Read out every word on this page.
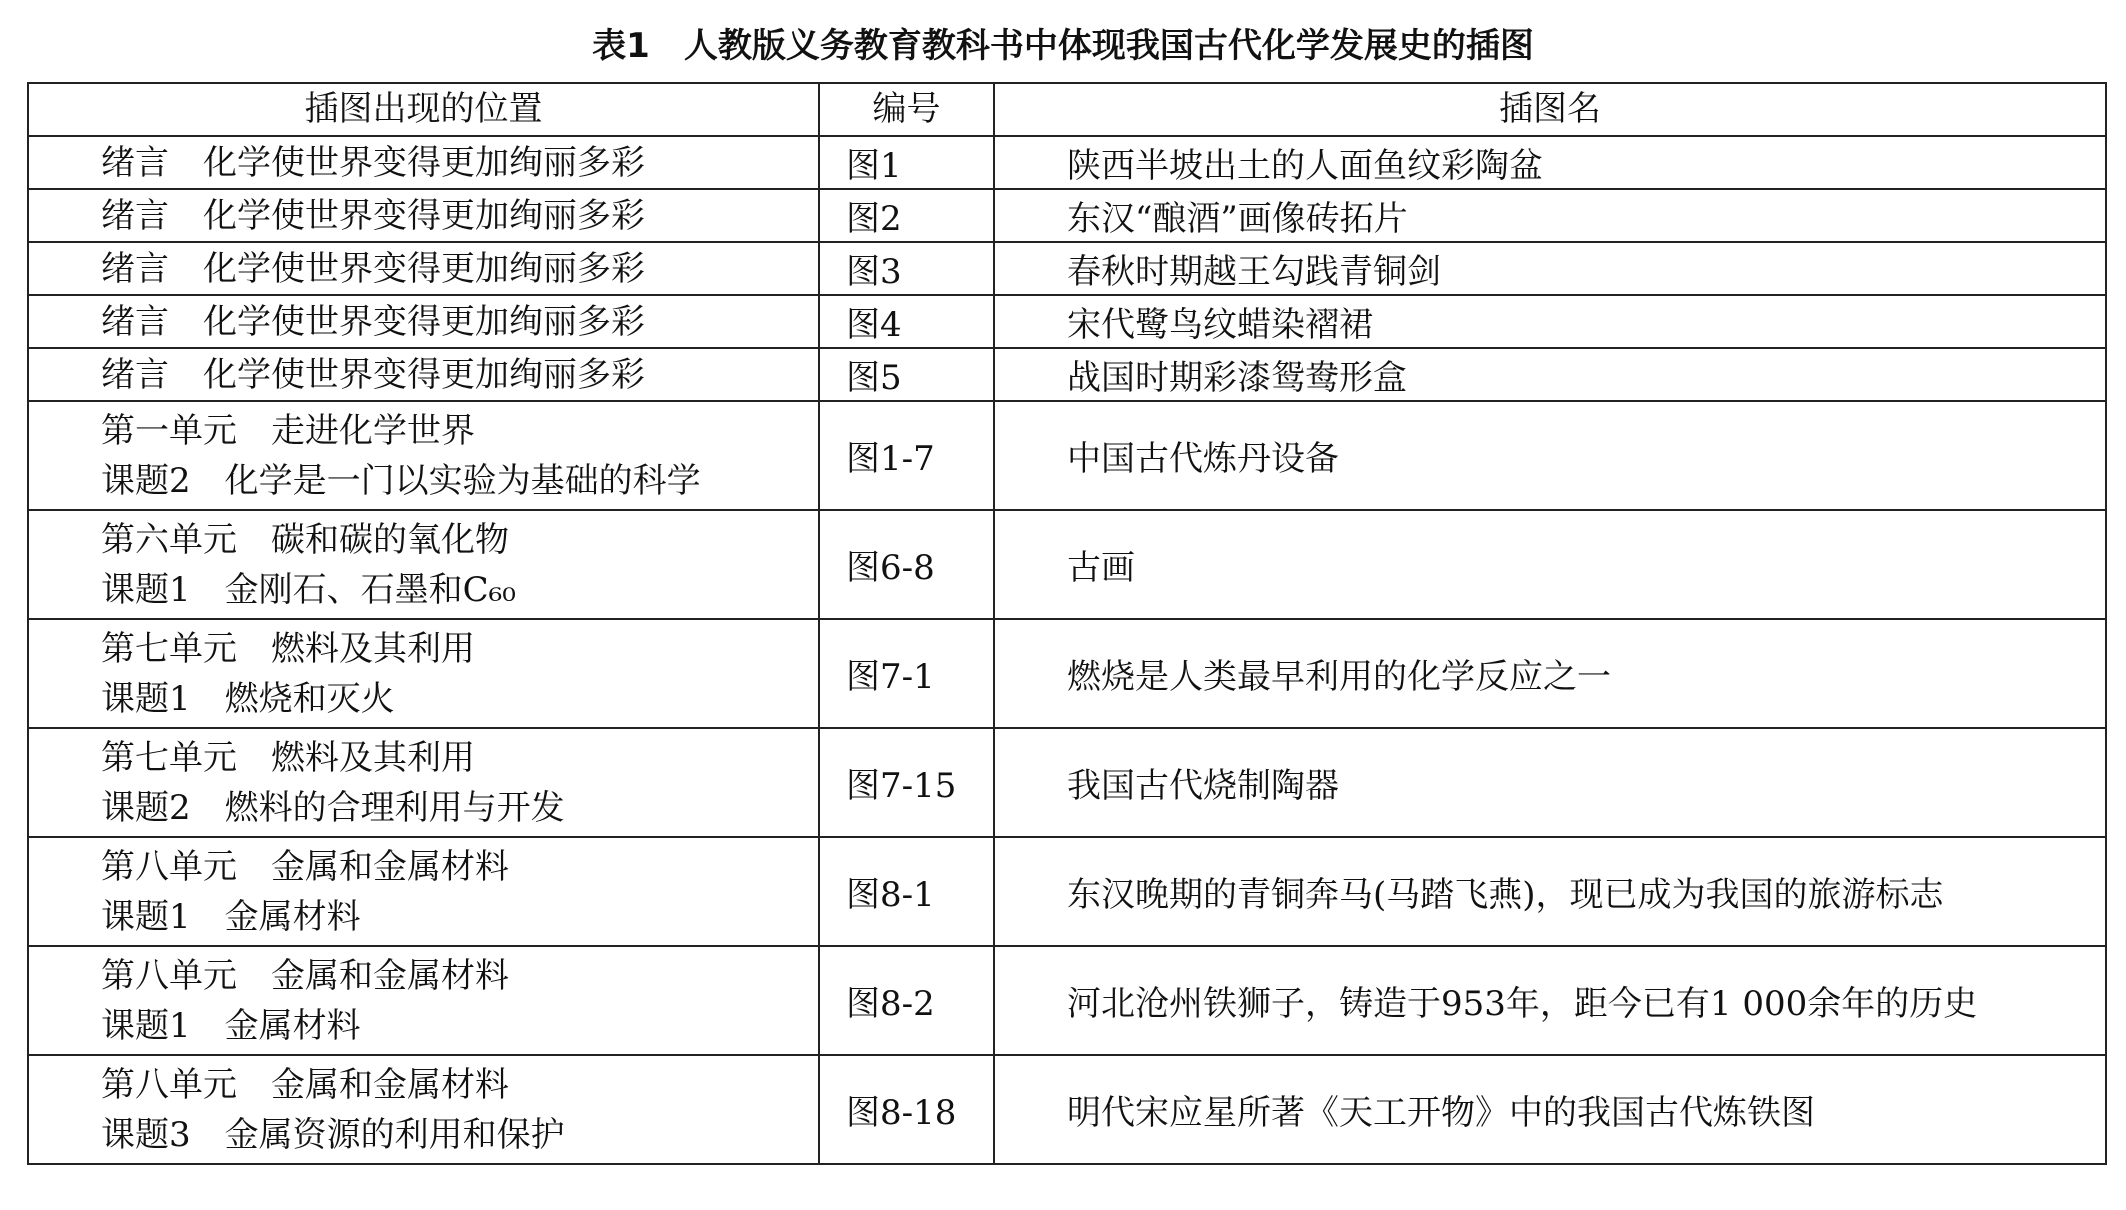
表1　人教版义务教育教科书中体现我国古代化学发展史的插图
插图出现的位置	编号	插图名

绪言　化学使世界变得更加绚丽多彩	图1	陕西半坡出土的人面鱼纹彩陶盆

绪言　化学使世界变得更加绚丽多彩	图2	东汉“酿酒”画像砖拓片

绪言　化学使世界变得更加绚丽多彩	图3	春秋时期越王勾践青铜剑

绪言　化学使世界变得更加绚丽多彩	图4	宋代鹭鸟纹蜡染褶裙

绪言　化学使世界变得更加绚丽多彩	图5	战国时期彩漆鸳鸯形盒

第一单元　走进化学世界
课题2　化学是一门以实验为基础的科学	图1-7	中国古代炼丹设备

第六单元　碳和碳的氧化物
课题1　金刚石、石墨和C₆₀	图6-8	古画

第七单元　燃料及其利用
课题1　燃烧和灭火	图7-1	燃烧是人类最早利用的化学反应之一

第七单元　燃料及其利用
课题2　燃料的合理利用与开发	图7-15	我国古代烧制陶器

第八单元　金属和金属材料
课题1　金属材料	图8-1	东汉晚期的青铜奔马(马踏飞燕)，现已成为我国的旅游标志

第八单元　金属和金属材料
课题1　金属材料	图8-2	河北沧州铁狮子，铸造于953年，距今已有1 000余年的历史

第八单元　金属和金属材料
课题3　金属资源的利用和保护	图8-18	明代宋应星所著《天工开物》中的我国古代炼铁图
